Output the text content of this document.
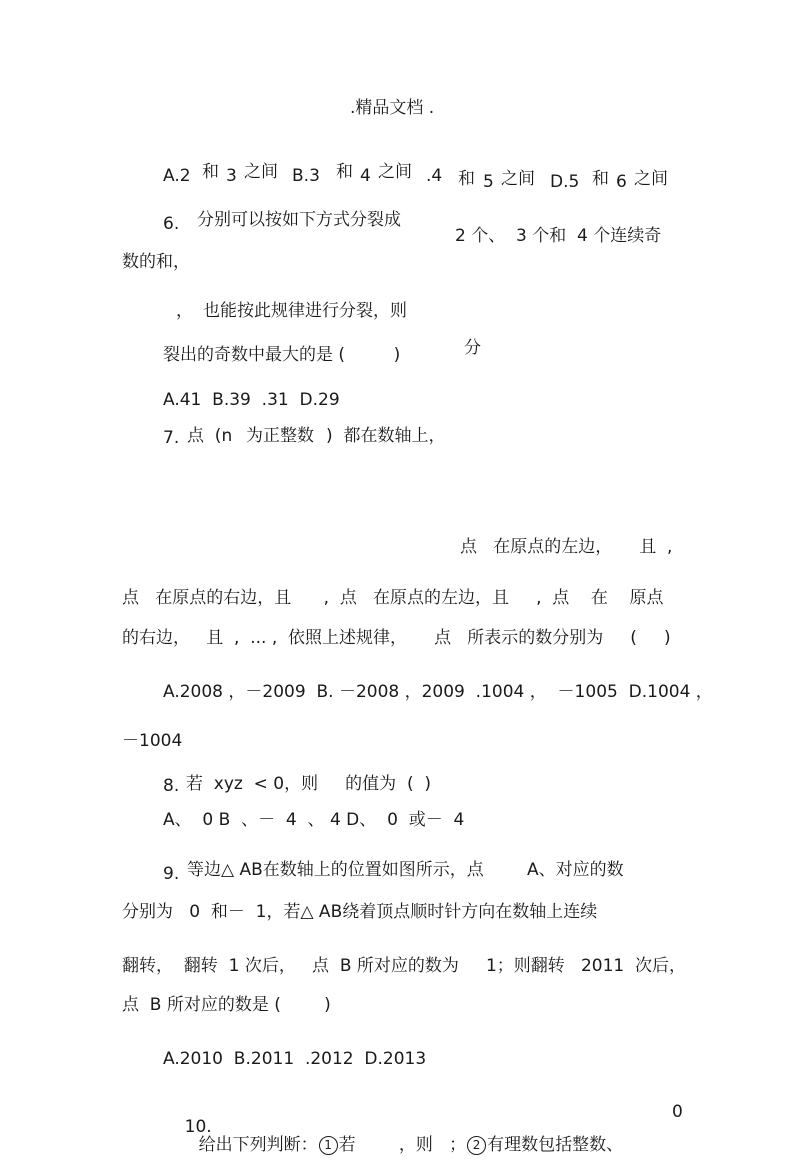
.精品文档 .
A.2 和 3 之间 B.3 和 4 之间 .4 和 5 之间 D.5 和 6 之间
6. 分别可以按如下方式分裂成
2 个、  3 个和  4 个连续奇
数的和，
， 也能按此规律进行分裂，则
裂出的奇数中最大的是 (         )	分
A.41  B.39  .31  D.29
7. 点  (n 为正整数 )  都在数轴上，
点   在原点的左边，     且  ,
点   在原点的右边，且      ,  点   在原点的左边，且     ,  点    在    原点
的右边，   且  ,  ... ,  依照上述规律，     点   所表示的数分别为     (     )
A.2008 ，－2009  B. －2008 ，2009  .1004 ，  －1005  D.1004 ，
－1004
8. 若  xyz  < 0，则     的值为  (  )
A、  0 B  、－  4  、 4 D、  0  或－  4
9. 等边△ AB在数轴上的位置如图所示，点        A、对应的数
分别为   0  和－  1，若△ AB绕着顶点顺时针方向在数轴上连续
翻转，  翻转  1 次后，   点  B 所对应的数为     1；则翻转   2011  次后，
点  B 所对应的数是 (        )
A.2010  B.2011  .2012  D.2013

10.
给出下列判断： 1 若        ，则   ； 2 有理数包括整数、

0
